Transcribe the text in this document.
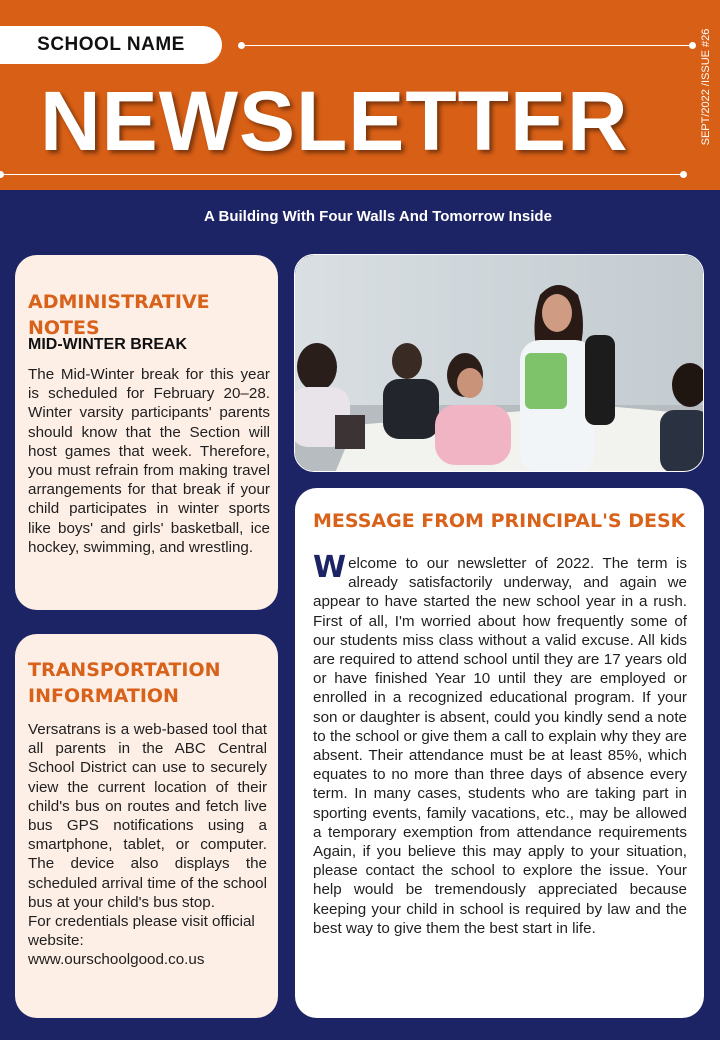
SCHOOL NAME
NEWSLETTER	SEPT/2022 /ISSUE #26
A Building With Four Walls And Tomorrow Inside
ADMINISTRATIVE NOTES
MID-WINTER BREAK
The Mid-Winter break for this year is scheduled for February 20–28. Winter varsity participants' parents should know that the Section will host games that week. Therefore, you must refrain from making travel arrangements for that break if your child participates in winter sports like boys' and girls' basketball, ice hockey, swimming, and wrestling.
TRANSPORTATION INFORMATION
Versatrans is a web-based tool that all parents in the ABC Central School District can use to securely view the current location of their child's bus on routes and fetch live bus GPS notifications using a smartphone, tablet, or computer. The device also displays the scheduled arrival time of the school bus at your child's bus stop.
For credentials please visit official website:
www.ourschoolgood.co.us
MESSAGE FROM PRINCIPAL'S DESK
Welcome to our newsletter of 2022. The term is already satisfactorily underway, and again we appear to have started the new school year in a rush. First of all, I'm worried about how frequently some of our students miss class without a valid excuse. All kids are required to attend school until they are 17 years old or have finished Year 10 until they are employed or enrolled in a recognized educational program. If your son or daughter is absent, could you kindly send a note to the school or give them a call to explain why they are absent. Their attendance must be at least 85%, which equates to no more than three days of absence every term. In many cases, students who are taking part in sporting events, family vacations, etc., may be allowed a temporary exemption from attendance requirements Again, if you believe this may apply to your situation, please contact the school to explore the issue. Your help would be tremendously appreciated because keeping your child in school is required by law and the best way to give them the best start in life.
